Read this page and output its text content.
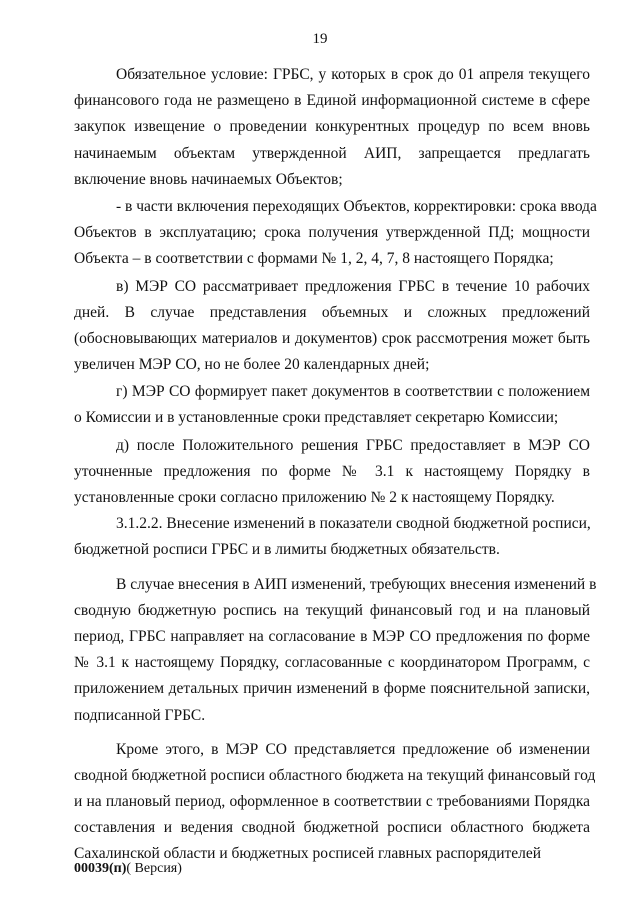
19

Обязательное условие: ГРБС, у которых в срок до 01 апреля текущего
финансового года не размещено в Единой информационной системе в сфере
закупок извещение о проведении конкурентных процедур по всем вновь
начинаемым объектам утвержденной АИП, запрещается предлагать
включение вновь начинаемых Объектов;

- в части включения переходящих Объектов, корректировки: срока ввода
Объектов в эксплуатацию; срока получения утвержденной ПД; мощности
Объекта – в соответствии с формами № 1, 2, 4, 7, 8 настоящего Порядка;

в) МЭР СО рассматривает предложения ГРБС в течение 10 рабочих
дней. В случае представления объемных и сложных предложений
(обосновывающих материалов и документов) срок рассмотрения может быть
увеличен МЭР СО, но не более 20 календарных дней;

г) МЭР СО формирует пакет документов в соответствии с положением
о Комиссии и в установленные сроки представляет секретарю Комиссии;

д) после Положительного решения ГРБС предоставляет в МЭР СО
уточненные предложения по форме № 3.1 к настоящему Порядку в
установленные сроки согласно приложению № 2 к настоящему Порядку.

3.1.2.2. Внесение изменений в показатели сводной бюджетной росписи,
бюджетной росписи ГРБС и в лимиты бюджетных обязательств.

В случае внесения в АИП изменений, требующих внесения изменений в
сводную бюджетную роспись на текущий финансовый год и на плановый
период, ГРБС направляет на согласование в МЭР СО предложения по форме
№ 3.1 к настоящему Порядку, согласованные с координатором Программ, с
приложением детальных причин изменений в форме пояснительной записки,
подписанной ГРБС.

Кроме этого, в МЭР СО представляется предложение об изменении
сводной бюджетной росписи областного бюджета на текущий финансовый год
и на плановый период, оформленное в соответствии с требованиями Порядка
составления и ведения сводной бюджетной росписи областного бюджета
Сахалинской области и бюджетных росписей главных распорядителей

00039(п)( Версия)
